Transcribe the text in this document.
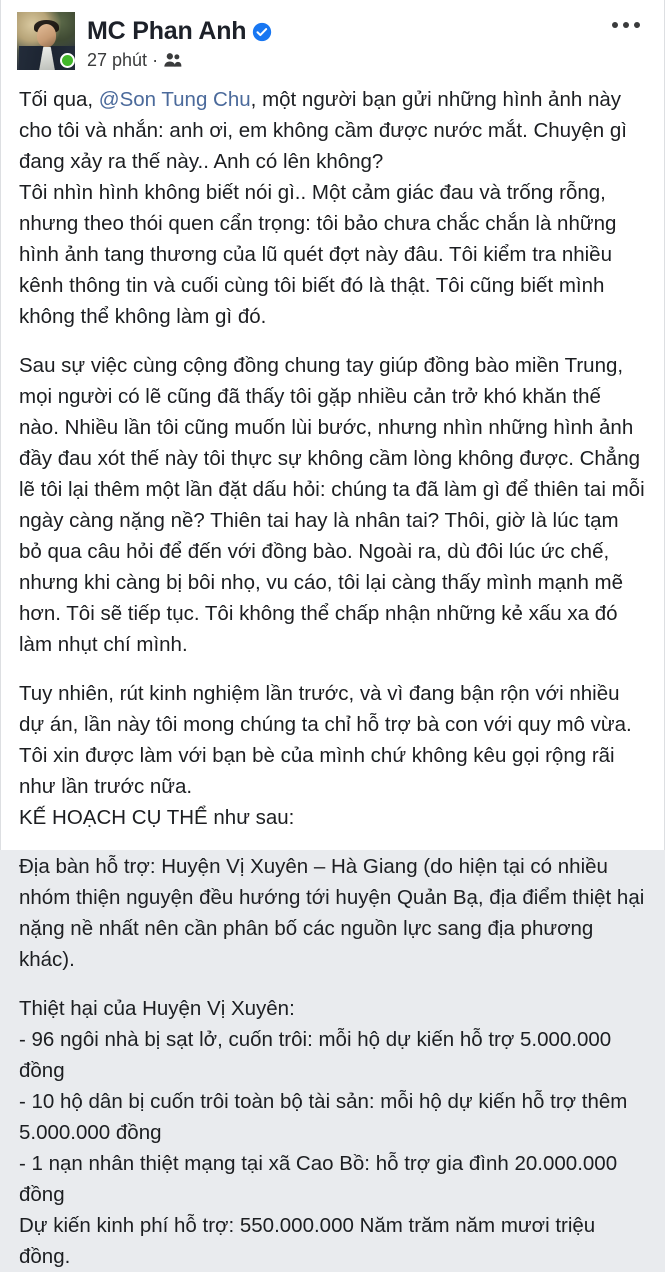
MC Phan Anh
27 phút ·

Tối qua, @Son Tung Chu, một người bạn gửi những hình ảnh này cho tôi và nhắn: anh ơi, em không cầm được nước mắt. Chuyện gì đang xảy ra thế này.. Anh có lên không?
Tôi nhìn hình không biết nói gì.. Một cảm giác đau và trống rỗng, nhưng theo thói quen cẩn trọng: tôi bảo chưa chắc chắn là những hình ảnh tang thương của lũ quét đợt này đâu. Tôi kiểm tra nhiều kênh thông tin và cuối cùng tôi biết đó là thật. Tôi cũng biết mình không thể không làm gì đó.

Sau sự việc cùng cộng đồng chung tay giúp đồng bào miền Trung, mọi người có lẽ cũng đã thấy tôi gặp nhiều cản trở khó khăn thế nào. Nhiều lần tôi cũng muốn lùi bước, nhưng nhìn những hình ảnh đầy đau xót thế này tôi thực sự không cầm lòng không được. Chẳng lẽ tôi lại thêm một lần đặt dấu hỏi: chúng ta đã làm gì để thiên tai mỗi ngày càng nặng nề? Thiên tai hay là nhân tai? Thôi, giờ là lúc tạm bỏ qua câu hỏi để đến với đồng bào. Ngoài ra, dù đôi lúc ức chế, nhưng khi càng bị bôi nhọ, vu cáo, tôi lại càng thấy mình mạnh mẽ hơn. Tôi sẽ tiếp tục. Tôi không thể chấp nhận những kẻ xấu xa đó làm nhụt chí mình.

Tuy nhiên, rút kinh nghiệm lần trước, và vì đang bận rộn với nhiều dự án, lần này tôi mong chúng ta chỉ hỗ trợ bà con với quy mô vừa. Tôi xin được làm với bạn bè của mình chứ không kêu gọi rộng rãi như lần trước nữa.
KẾ HOẠCH CỤ THỂ như sau:

Địa bàn hỗ trợ: Huyện Vị Xuyên – Hà Giang (do hiện tại có nhiều nhóm thiện nguyện đều hướng tới huyện Quản Bạ, địa điểm thiệt hại nặng nề nhất nên cần phân bố các nguồn lực sang địa phương khác).

Thiệt hại của Huyện Vị Xuyên:
- 96 ngôi nhà bị sạt lở, cuốn trôi: mỗi hộ dự kiến hỗ trợ 5.000.000 đồng
- 10 hộ dân bị cuốn trôi toàn bộ tài sản: mỗi hộ dự kiến hỗ trợ thêm 5.000.000 đồng
- 1 nạn nhân thiệt mạng tại xã Cao Bồ: hỗ trợ gia đình 20.000.000 đồng
Dự kiến kinh phí hỗ trợ: 550.000.000 Năm trăm năm mươi triệu đồng.
